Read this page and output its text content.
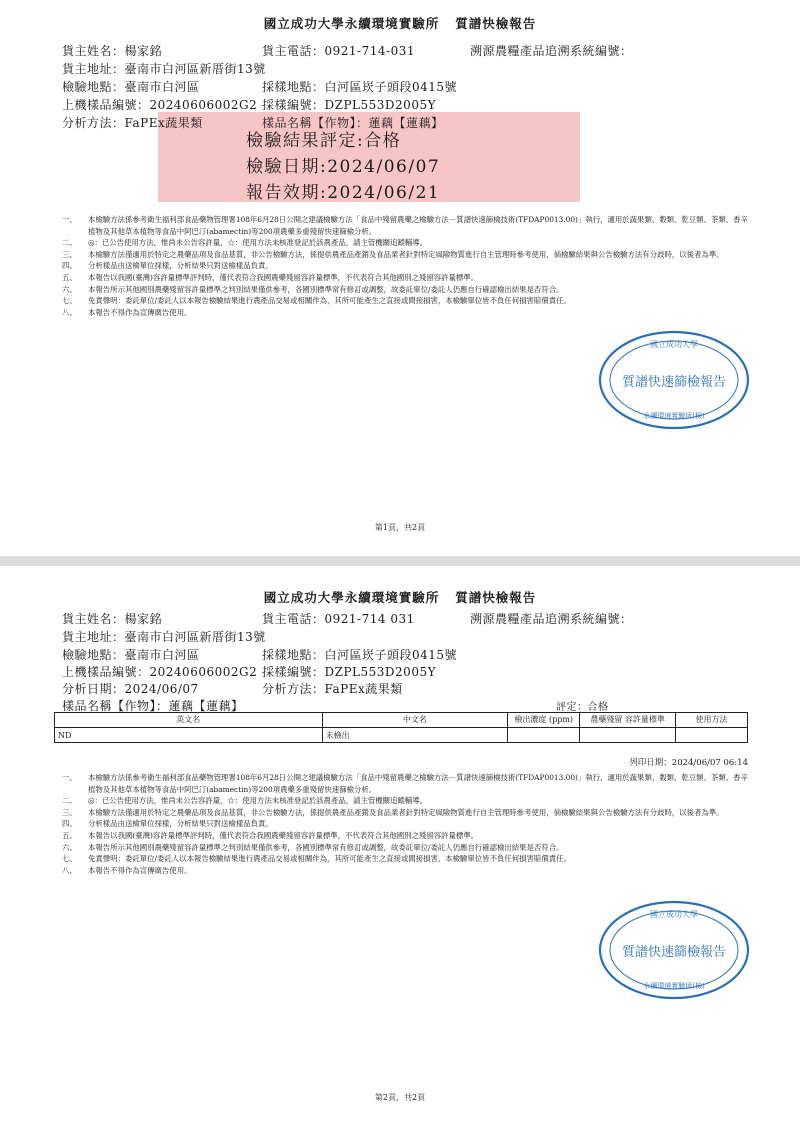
國立成功大學永續環境實驗所 質譜快檢報告
貨主姓名：楊家銘	貨主電話：0921-714-031	溯源農糧產品追溯系統編號：
貨主地址：臺南市白河區新厝街13號
檢驗地點：臺南市白河區	採樣地點：白河區崁子頭段0415號
上機樣品編號：20240606002G2 採樣編號：DZPL553D2005Y
分析方法：FaPEx蔬果類	樣品名稱【作物】：蓮藕【蓮藕】
檢驗結果評定:合格
檢驗日期:2024/06/07
報告效期:2024/06/21
一、	本檢驗方法係參考衛生福利部食品藥物管理署108年6月28日公開之建議檢驗方法「食品中殘留農藥之檢驗方法－質譜快速篩檢技術(TFDAP0013.00)」執行，適用於蔬果類、穀類、乾豆類、茶類、香辛植物及其他草本植物等食品中阿巴汀(abamectin)等200項農藥多重殘留快速篩檢分析。
二、	◎：已公告使用方法，惟尚未公告容許量，☆：使用方法未核准登記於該農產品，請主管機關追蹤輔導。
三、	本檢驗方法僅適用於特定之農藥品項及食品基質，非公告檢驗方法，係提供農產品產銷及食品業者針對特定風險物質進行自主管理時參考使用，倘檢驗結果與公告檢驗方法有分歧時，以後者為準。
四、	分析樣品由送檢單位採樣，分析結果只對送檢樣品負責。
五、	本報告以我國(臺灣)容許量標準評判時，僅代表符合我國農藥殘留容許量標準，不代表符合其他國別之殘留容許量標準。
六、	本報告所示其他國別農藥殘留容許量標準之判別結果僅供參考，各國別標準常有修訂或調整，故委託單位/委託人仍應自行確認檢出結果是否符合。
七、	免責聲明：委託單位/委託人以本報告檢驗結果進行農產品交易或相關作為，其所可能產生之直接或間接損害，本檢驗單位皆不負任何損害賠償責任。
八、	本報告不得作為宣傳廣告使用。
國立成功大學
質譜快速篩檢報告
永續環境實驗所(檢)
第1頁，共2頁
國立成功大學永續環境實驗所 質譜快檢報告
貨主姓名：楊家銘	貨主電話：0921-714 031	溯源農糧產品追溯系統編號：
貨主地址：臺南市白河區新厝街13號
檢驗地點：臺南市白河區	採樣地點：白河區崁子頭段0415號
上機樣品編號：20240606002G2 採樣編號：DZPL553D2005Y
分析日期：2024/06/07	分析方法：FaPEx蔬果類
樣品名稱【作物】：蓮藕【蓮藕】	評定：合格
英文名	中文名	檢出濃度 (ppm)	農藥殘留 容許量標準	使用方法
ND	未檢出			
列印日期：2024/06/07 06:14
一、	本檢驗方法係參考衛生福利部食品藥物管理署108年6月28日公開之建議檢驗方法「食品中殘留農藥之檢驗方法－質譜快速篩檢技術(TFDAP0013.00)」執行，適用於蔬果類、穀類、乾豆類、茶類、香辛植物及其他草本植物等食品中阿巴汀(abamectin)等200項農藥多重殘留快速篩檢分析。
二、	◎：已公告使用方法，惟尚未公告容許量，☆：使用方法未核准登記於該農產品，請主管機關追蹤輔導。
三、	本檢驗方法僅適用於特定之農藥品項及食品基質，非公告檢驗方法，係提供農產品產銷及食品業者針對特定風險物質進行自主管理時參考使用，倘檢驗結果與公告檢驗方法有分歧時，以後者為準。
四、	分析樣品由送檢單位採樣，分析結果只對送檢樣品負責。
五、	本報告以我國(臺灣)容許量標準評判時，僅代表符合我國農藥殘留容許量標準，不代表符合其他國別之殘留容許量標準。
六、	本報告所示其他國別農藥殘留容許量標準之判別結果僅供參考，各國別標準常有修訂或調整，故委託單位/委託人仍應自行確認檢出結果是否符合。
七、	免責聲明：委託單位/委託人以本報告檢驗結果進行農產品交易或相關作為，其所可能產生之直接或間接損害，本檢驗單位皆不負任何損害賠償責任。
八、	本報告不得作為宣傳廣告使用。
國立成功大學
質譜快速篩檢報告
永續環境實驗所(檢)
第2頁，共2頁
